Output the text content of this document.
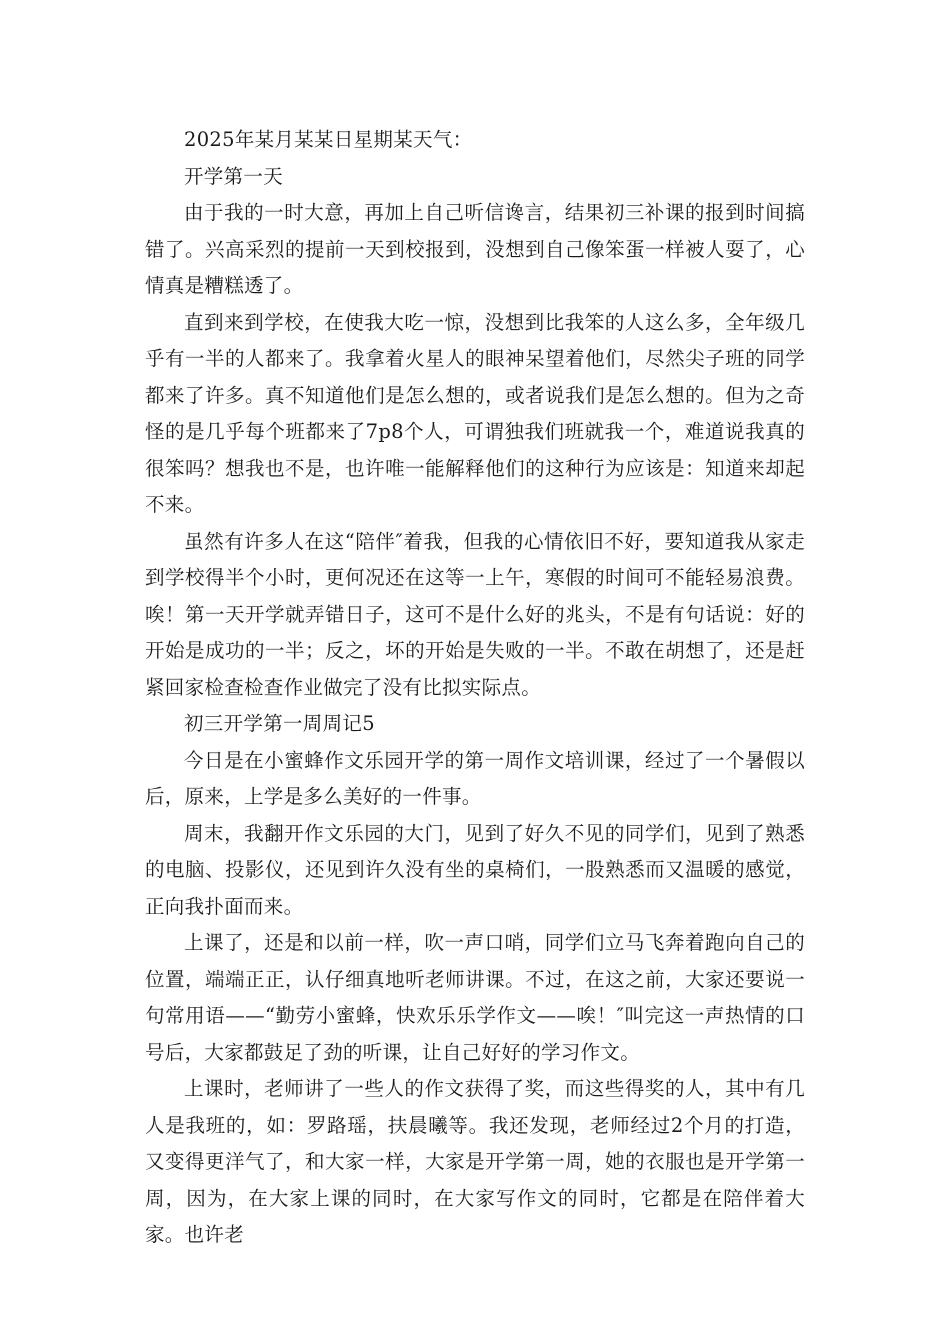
2025年某月某某日星期某天气：

开学第一天

由于我的一时大意，再加上自己听信谗言，结果初三补课的报到时间搞错了。兴高采烈的提前一天到校报到，没想到自己像笨蛋一样被人耍了，心情真是糟糕透了。

直到来到学校，在使我大吃一惊，没想到比我笨的人这么多，全年级几乎有一半的人都来了。我拿着火星人的眼神呆望着他们，尽然尖子班的同学都来了许多。真不知道他们是怎么想的，或者说我们是怎么想的。但为之奇怪的是几乎每个班都来了7p8个人，可谓独我们班就我一个，难道说我真的很笨吗？想我也不是，也许唯一能解释他们的这种行为应该是：知道来却起不来。

虽然有许多人在这“陪伴″着我，但我的心情依旧不好，要知道我从家走到学校得半个小时，更何况还在这等一上午，寒假的时间可不能轻易浪费。唉！第一天开学就弄错日子，这可不是什么好的兆头，不是有句话说：好的开始是成功的一半；反之，坏的开始是失败的一半。不敢在胡想了，还是赶紧回家检查检查作业做完了没有比拟实际点。

初三开学第一周周记5

今日是在小蜜蜂作文乐园开学的第一周作文培训课，经过了一个暑假以后，原来，上学是多么美好的一件事。

周末，我翻开作文乐园的大门，见到了好久不见的同学们，见到了熟悉的电脑、投影仪，还见到许久没有坐的桌椅们，一股熟悉而又温暖的感觉，正向我扑面而来。

上课了，还是和以前一样，吹一声口哨，同学们立马飞奔着跑向自己的位置，端端正正，认仔细真地听老师讲课。不过，在这之前，大家还要说一句常用语——“勤劳小蜜蜂，快欢乐乐学作文——唉！″叫完这一声热情的口号后，大家都鼓足了劲的听课，让自己好好的学习作文。

上课时，老师讲了一些人的作文获得了奖，而这些得奖的人，其中有几人是我班的，如：罗路瑶，扶晨曦等。我还发现，老师经过2个月的打造，又变得更洋气了，和大家一样，大家是开学第一周，她的衣服也是开学第一周，因为，在大家上课的同时，在大家写作文的同时，它都是在陪伴着大家。也许老
